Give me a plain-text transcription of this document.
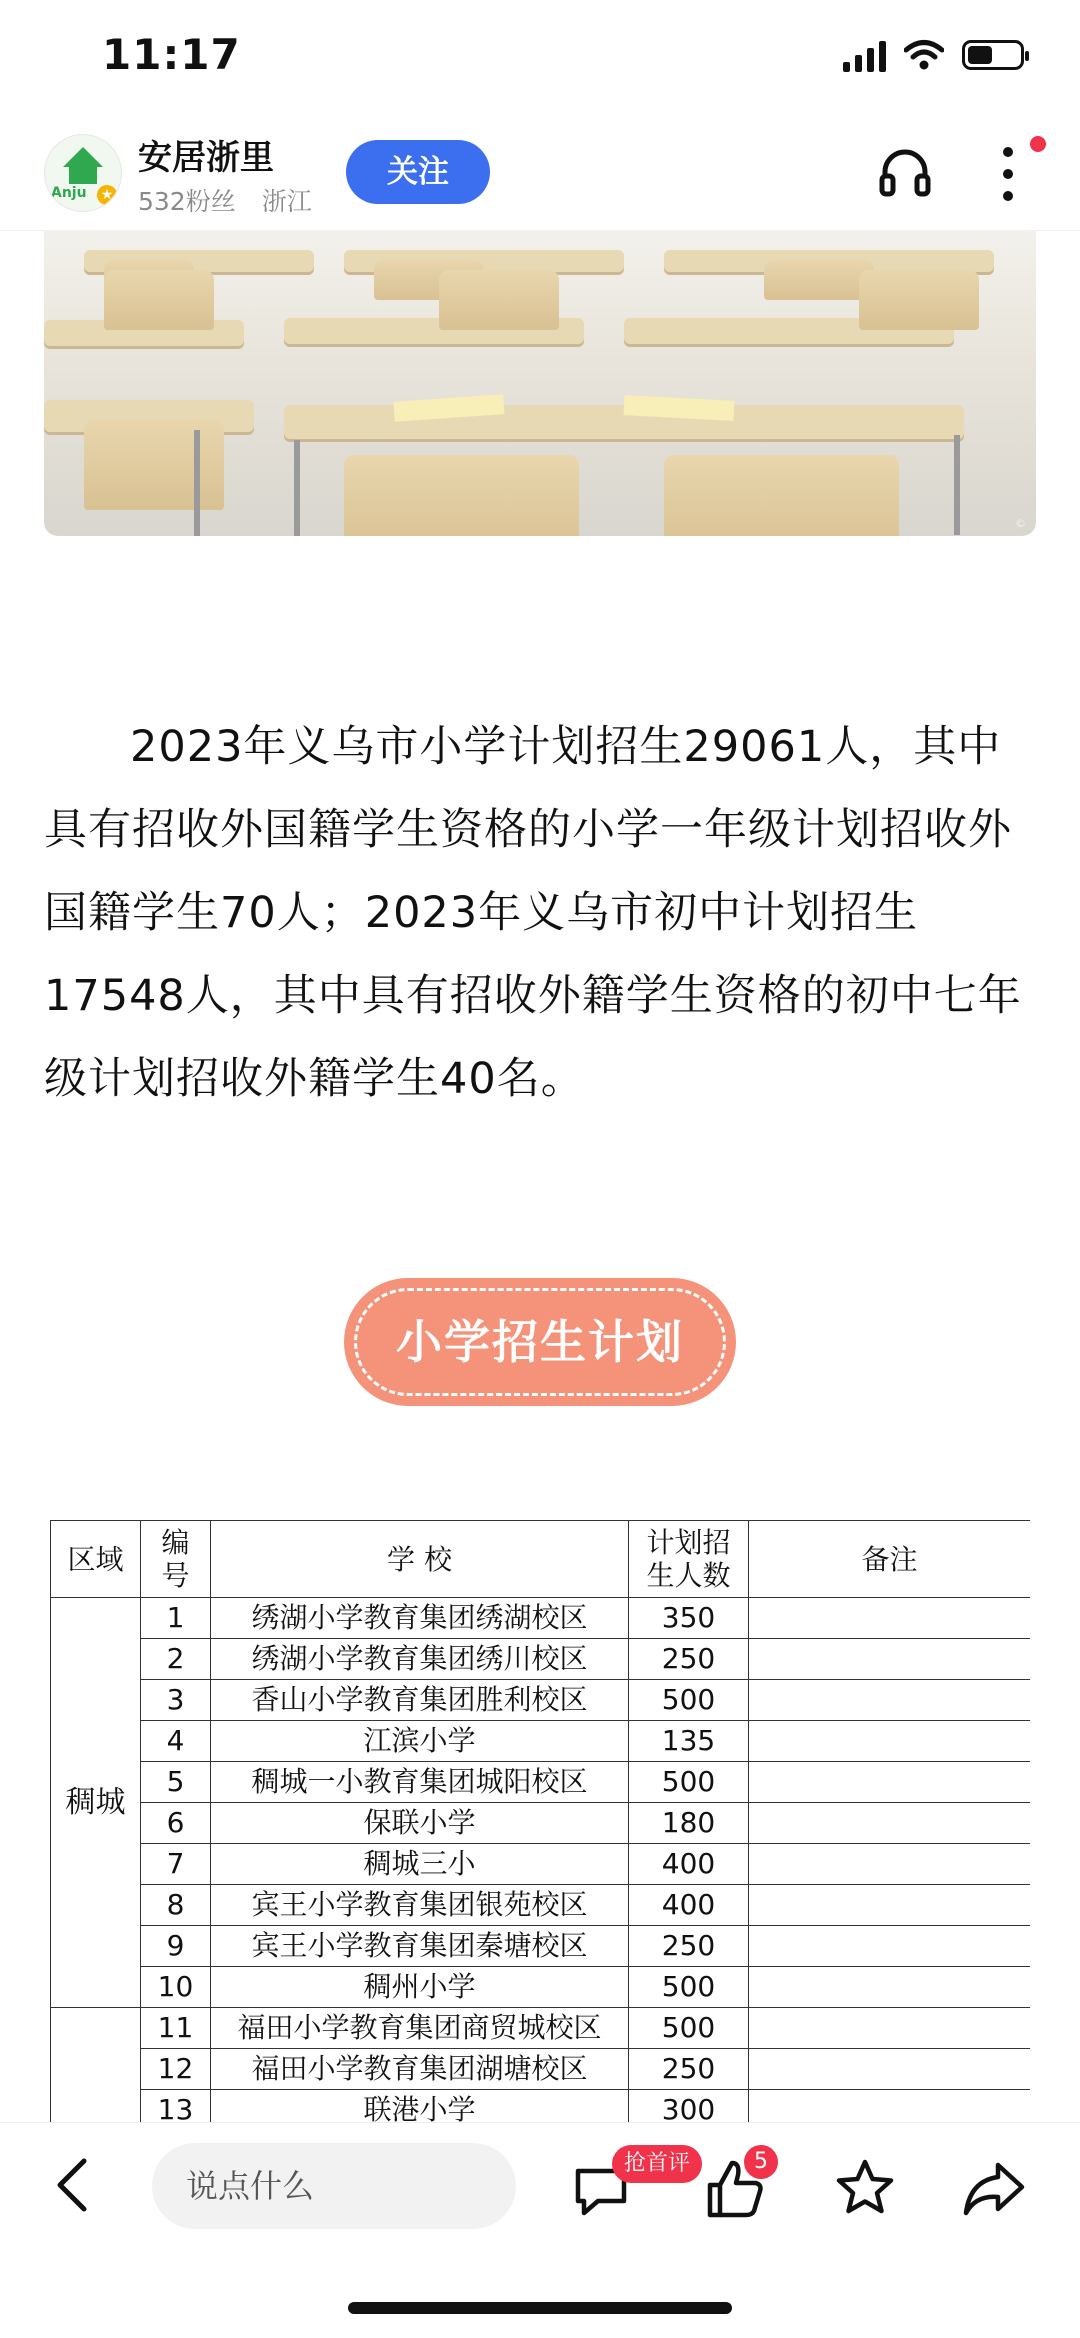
11:17
Anju ★
安居浙里
532粉丝 浙江
关注
©
2023年义乌市小学计划招生29061人，其中具有招收外国籍学生资格的小学一年级计划招收外国籍学生70人；2023年义乌市初中计划招生17548人，其中具有招收外籍学生资格的初中七年级计划招收外籍学生40名。
小学招生计划
区域	编号	学 校	计划招生人数	备注
稠城	1	绣湖小学教育集团绣湖校区	350	
	2	绣湖小学教育集团绣川校区	250	
	3	香山小学教育集团胜利校区	500	
	4	江滨小学	135	
	5	稠城一小教育集团城阳校区	500	
	6	保联小学	180	
	7	稠城三小	400	
	8	宾王小学教育集团银苑校区	400	
	9	宾王小学教育集团秦塘校区	250	
	10	稠州小学	500	
	11	福田小学教育集团商贸城校区	500	
	12	福田小学教育集团湖塘校区	250	
	13	联港小学	300	
说点什么
抢首评	5
